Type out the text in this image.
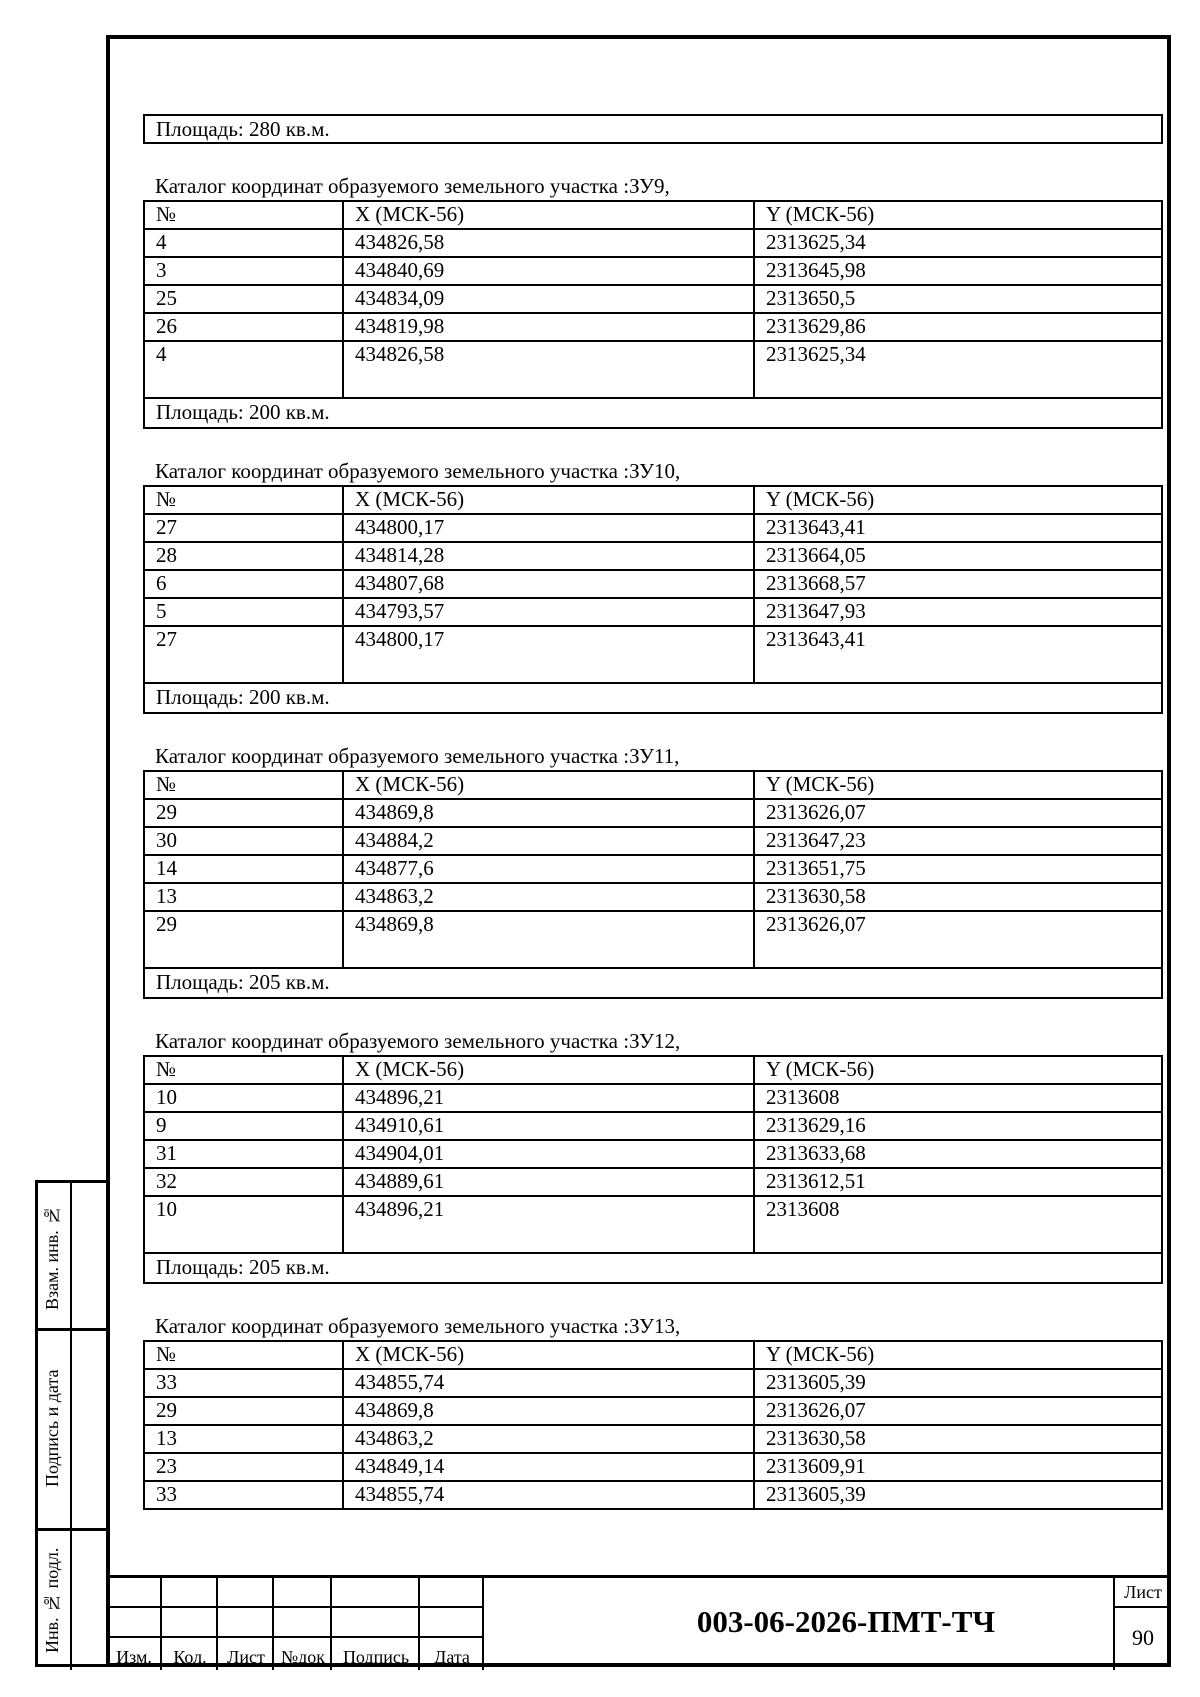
Площадь: 280 кв.м.
Каталог координат образуемого земельного участка :ЗУ9,
№	X (МСК-56)	Y (МСК-56)
4	434826,58	2313625,34
3	434840,69	2313645,98
25	434834,09	2313650,5
26	434819,98	2313629,86
4	434826,58	2313625,34
Площадь: 200 кв.м.
Каталог координат образуемого земельного участка :ЗУ10,
№	X (МСК-56)	Y (МСК-56)
27	434800,17	2313643,41
28	434814,28	2313664,05
6	434807,68	2313668,57
5	434793,57	2313647,93
27	434800,17	2313643,41
Площадь: 200 кв.м.
Каталог координат образуемого земельного участка :ЗУ11,
№	X (МСК-56)	Y (МСК-56)
29	434869,8	2313626,07
30	434884,2	2313647,23
14	434877,6	2313651,75
13	434863,2	2313630,58
29	434869,8	2313626,07
Площадь: 205 кв.м.
Каталог координат образуемого земельного участка :ЗУ12,
№	X (МСК-56)	Y (МСК-56)
10	434896,21	2313608
9	434910,61	2313629,16
31	434904,01	2313633,68
32	434889,61	2313612,51
10	434896,21	2313608
Площадь: 205 кв.м.
Каталог координат образуемого земельного участка :ЗУ13,
№	X (МСК-56)	Y (МСК-56)
33	434855,74	2313605,39
29	434869,8	2313626,07
13	434863,2	2313630,58
23	434849,14	2313609,91
33	434855,74	2313605,39
Взам. инв. №
Подпись и дата
Инв. № подл.
Изм.	Кол.	Лист №док Подпись	Дата
003-06-2026-ПМТ-ТЧ
Лист
90
